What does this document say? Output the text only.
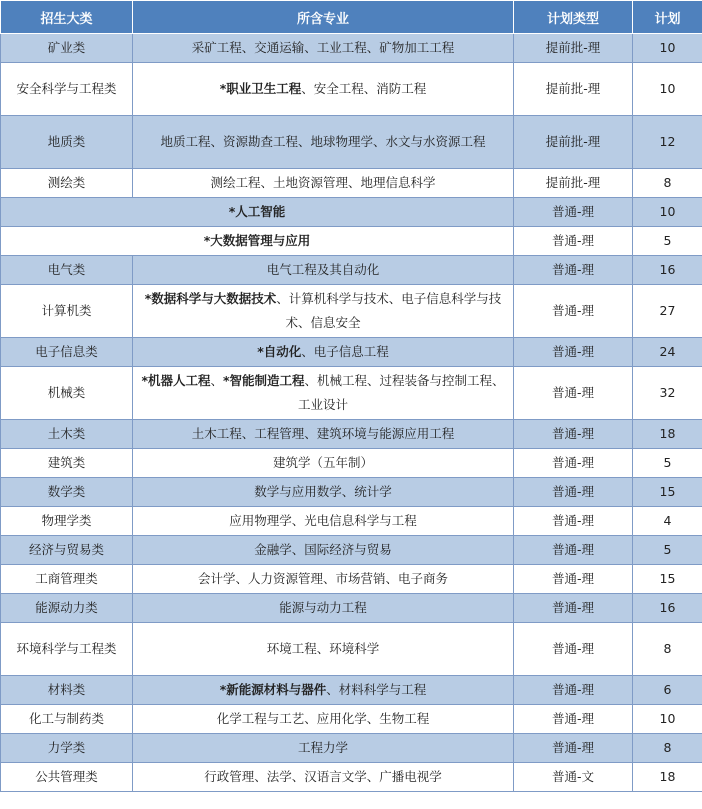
招生大类	所含专业	计划类型	计划
矿业类	采矿工程、交通运输、工业工程、矿物加工工程	提前批-理	10
安全科学与工程类	*职业卫生工程、安全工程、消防工程	提前批-理	10
地质类	地质工程、资源勘查工程、地球物理学、水文与水资源工程	提前批-理	12
测绘类	测绘工程、土地资源管理、地理信息科学	提前批-理	8
*人工智能		普通-理	10
*大数据管理与应用		普通-理	5
电气类	电气工程及其自动化	普通-理	16
计算机类	*数据科学与大数据技术、计算机科学与技术、电子信息科学与技术、信息安全	普通-理	27
电子信息类	*自动化、电子信息工程	普通-理	24
机械类	*机器人工程、*智能制造工程、机械工程、过程装备与控制工程、工业设计	普通-理	32
土木类	土木工程、工程管理、建筑环境与能源应用工程	普通-理	18
建筑类	建筑学（五年制）	普通-理	5
数学类	数学与应用数学、统计学	普通-理	15
物理学类	应用物理学、光电信息科学与工程	普通-理	4
经济与贸易类	金融学、国际经济与贸易	普通-理	5
工商管理类	会计学、人力资源管理、市场营销、电子商务	普通-理	15
能源动力类	能源与动力工程	普通-理	16
环境科学与工程类	环境工程、环境科学	普通-理	8
材料类	*新能源材料与器件、材料科学与工程	普通-理	6
化工与制药类	化学工程与工艺、应用化学、生物工程	普通-理	10
力学类	工程力学	普通-理	8
公共管理类	行政管理、法学、汉语言文学、广播电视学	普通-文	18
